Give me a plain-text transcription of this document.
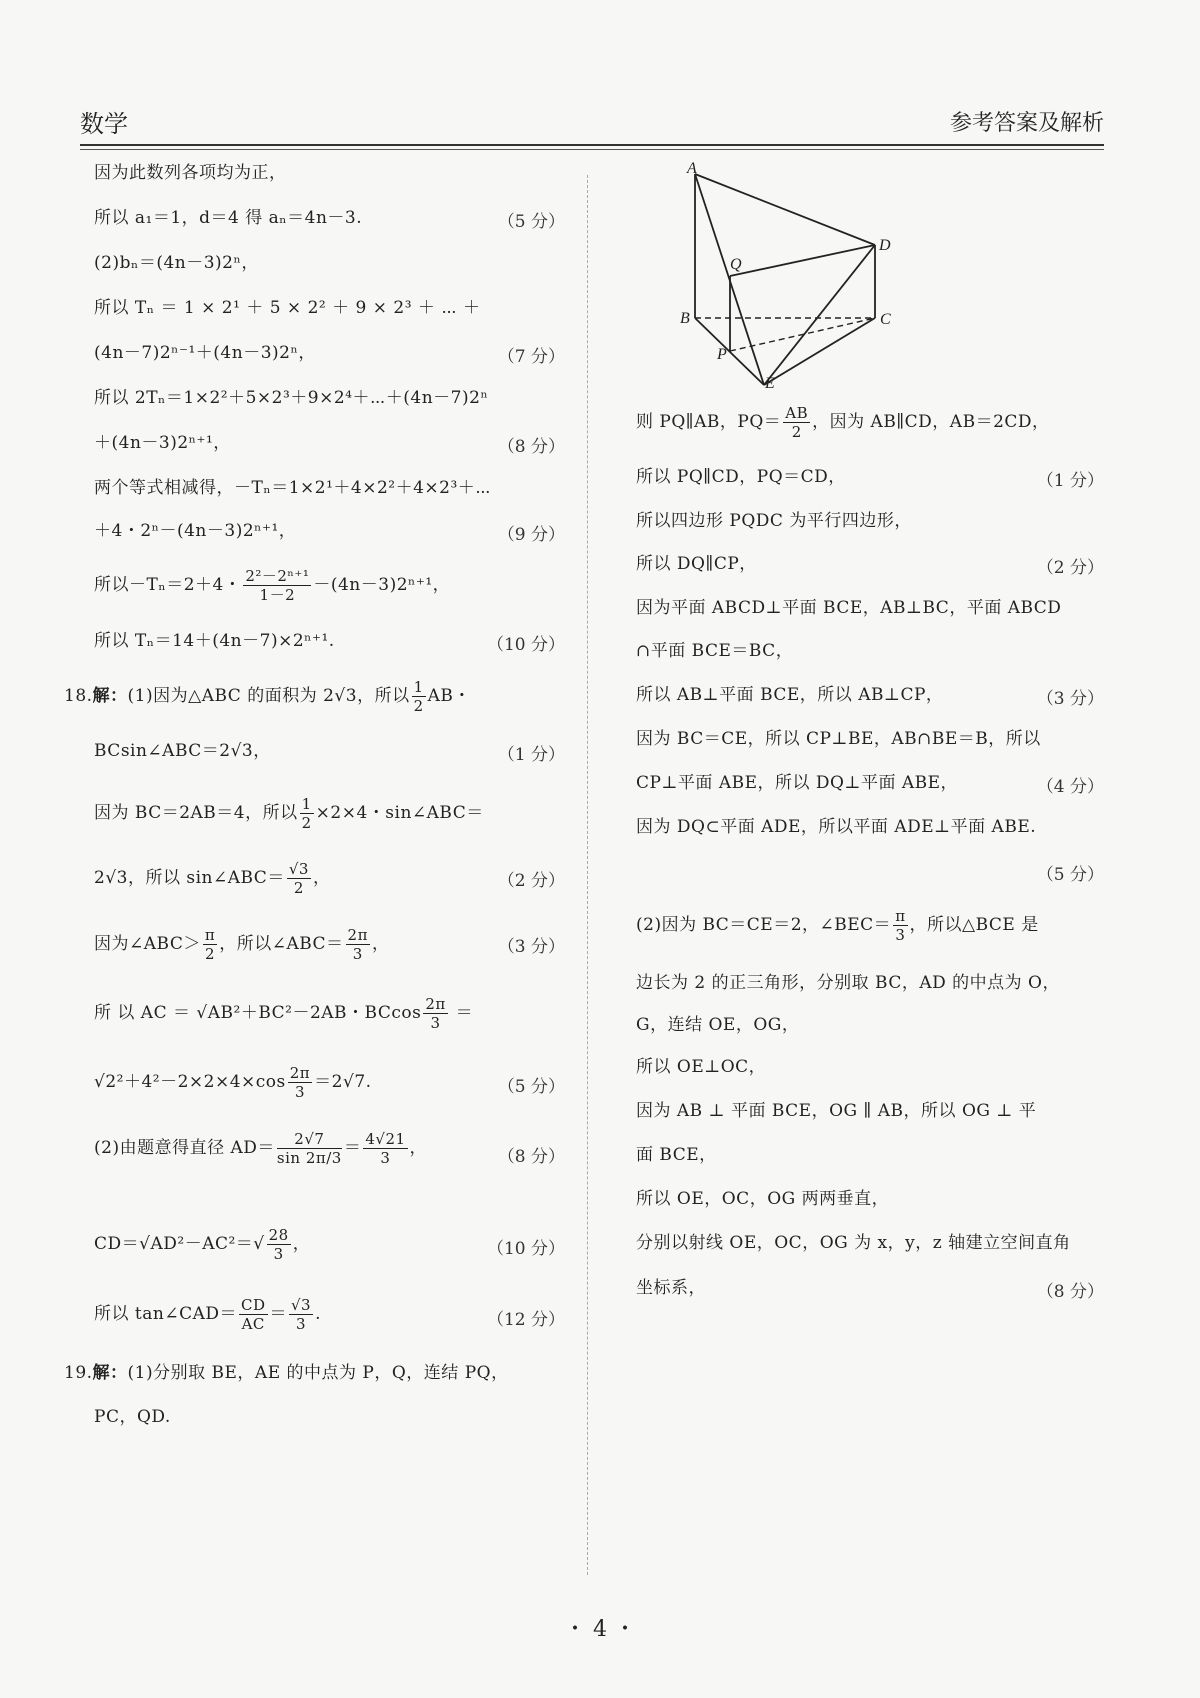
数学	参考答案及解析
因为此数列各项均为正，
所以 a₁＝1，d＝4 得 aₙ＝4n－3.	（5 分）
(2)bₙ＝(4n－3)2ⁿ，
所以 Tₙ ＝ 1 × 2¹ ＋ 5 × 2² ＋ 9 × 2³ ＋ ⋯ ＋
(4n－7)2ⁿ⁻¹＋(4n－3)2ⁿ，	（7 分）
所以 2Tₙ＝1×2²＋5×2³＋9×2⁴＋⋯＋(4n－7)2ⁿ
＋(4n－3)2ⁿ⁺¹，	（8 分）
两个等式相减得，－Tₙ＝1×2¹＋4×2²＋4×2³＋⋯
＋4・2ⁿ－(4n－3)2ⁿ⁺¹，	（9 分）
所以－Tₙ＝2＋4・ $\frac{\text{2²－2ⁿ⁺¹}}{1-2} -(4n-3)2^{n+1}$，
所以 Tₙ＝14＋(4n－7)×2ⁿ⁺¹.	（10 分）
18.解：(1)因为△ABC 的面积为 2√3，所以 $\frac{1}{2}$ AB・
BCsin∠ABC＝2√3，	（1 分）
因为 BC＝2AB＝4，所以 $\frac{1}{2} \times 2\times 4$・sin∠ABC＝
2√3，所以 sin∠ABC＝ $\frac{√3}{2}$ ，	（2 分）
因为∠ABC＞ $\frac{\pi}{2}$ ，所以∠ABC＝ $\frac{2\pi}{3}$ ，	（3 分）
所 以 AC ＝ √AB²＋BC²－2AB・BCcos $\frac{2\pi}{3}$ ＝
$√2^2+4^2-2\times 2\times 4\times\cos \frac{2\pi}{3} =2√7$.	（5 分）
(2)由题意得直径 $AD= \frac{2√7}{\sin 2\pi/3} = \frac{4√21}{3}$ ，	（8 分）
$CD=√AD^2-AC^2=√ \frac{28}{3}$ ，	（10 分）
所以 tan∠CAD＝ $\frac{CD}{AC} = \frac{√3}{3}$ .	（12 分）
19.解：(1)分别取 BE，AE 的中点为 P，Q，连结 PQ，
PC，QD.
A
B	C
D
E
P
Q
则 PQ∥AB，$PQ= \frac{AB}{2}$ ，因为 AB∥CD，AB＝2CD，
所以 PQ∥CD，PQ＝CD，	（1 分）
所以四边形 PQDC 为平行四边形，
所以 DQ∥CP，	（2 分）
因为平面 ABCD⊥平面 BCE，AB⊥BC，平面 ABCD
∩平面 BCE＝BC，
所以 AB⊥平面 BCE，所以 AB⊥CP，	（3 分）
因为 BC＝CE，所以 CP⊥BE，AB∩BE＝B，所以
CP⊥平面 ABE，所以 DQ⊥平面 ABE，	（4 分）
因为 DQ⊂平面 ADE，所以平面 ADE⊥平面 ABE.
（5 分）
(2)因为 BC＝CE＝2，∠BEC＝ $\frac{\pi}{3}$ ，所以△BCE 是
边长为 2 的正三角形，分别取 BC，AD 的中点为 O，
G，连结 OE，OG，
所以 OE⊥OC，
因为 AB ⊥ 平面 BCE，OG ∥ AB，所以 OG ⊥ 平
面 BCE，
所以 OE，OC，OG 两两垂直，
分别以射线 OE，OC，OG 为 x，y，z 轴建立空间直角
坐标系，	（8 分）
・ 4 ・
